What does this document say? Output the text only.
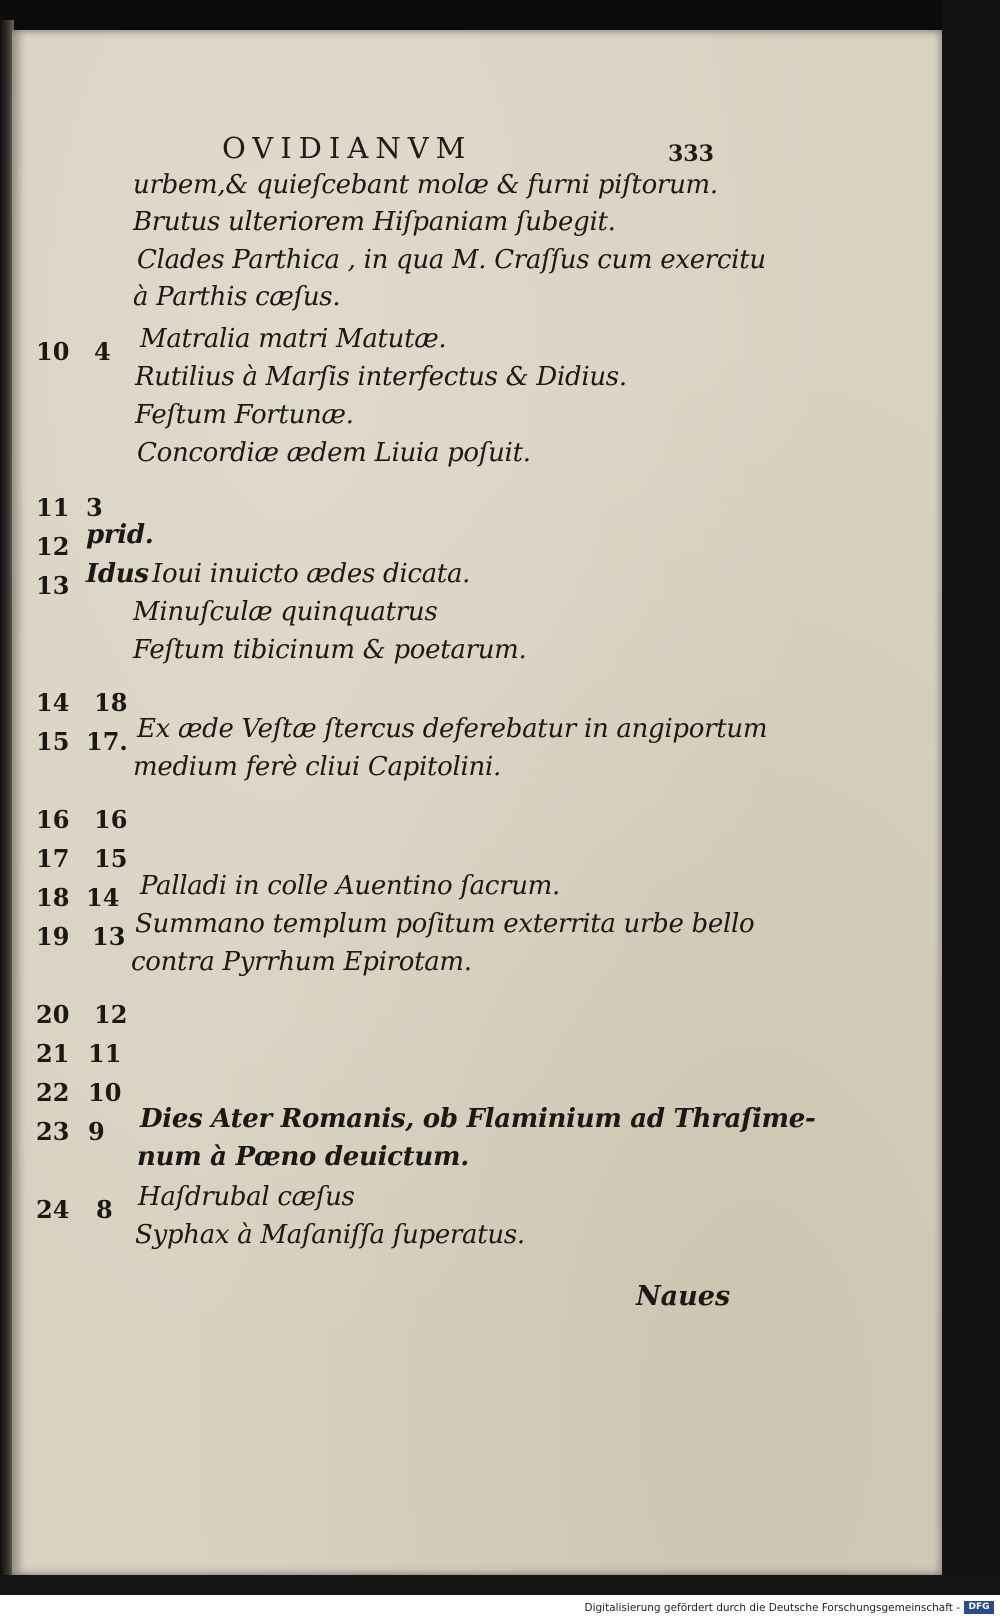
OVIDIANVM	333
urbem,& quieſcebant molæ & furni piſtorum.
Brutus ulteriorem Hiſpaniam ſubegit.
Clades Parthica , in qua M. Craſſus cum exercitu
à Parthis cæſus.
10 4 Matralia matri Matutæ.
Rutilius à Marſis interfectus & Didius.
Feſtum Fortunæ.
Concordiæ ædem Liuia poſuit.
11 3
12 prid.
13 Idus Ioui inuicto ædes dicata.
Minuſculæ quinquatrus
Feſtum tibicinum & poetarum.
14 18
15 17. Ex æde Veſtæ ſtercus deferebatur in angiportum
medium ferè cliui Capitolini.
16 16
17 15
18 14 Palladi in colle Auentino ſacrum.
19 13 Summano templum poſitum exterrita urbe bello
contra Pyrrhum Epirotam.
20 12
21 11
22 10
23 9 Dies Ater Romanis, ob Flaminium ad Thraſime-
num à Pœno deuictum.
24 8 Haſdrubal cæſus
Syphax à Maſaniſſa ſuperatus.
Naues
Digitalisierung gefördert durch die Deutsche Forschungsgemeinschaft - DFG
